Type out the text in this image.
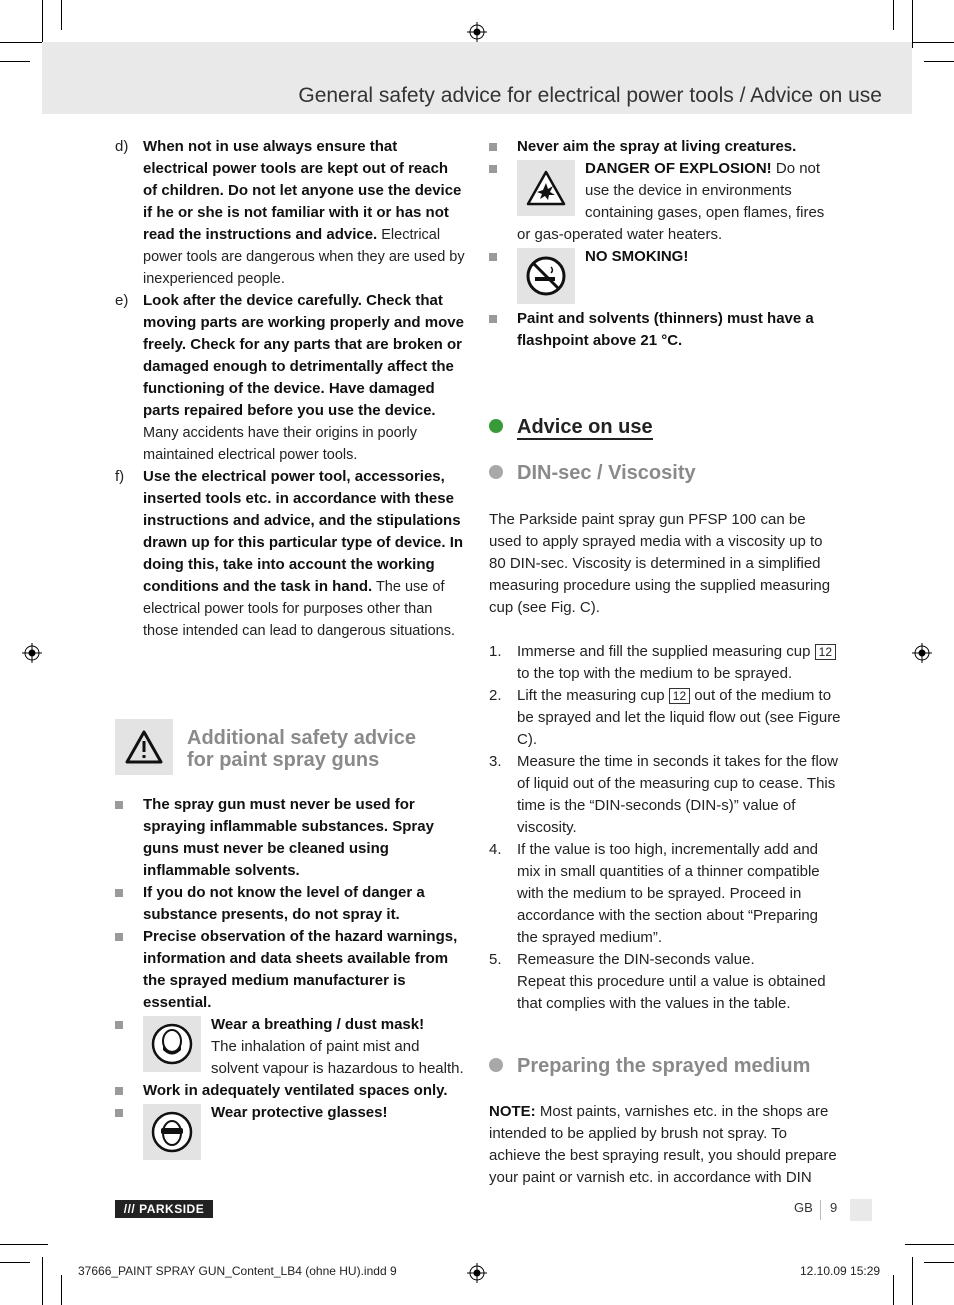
General safety advice for electrical power tools / Advice on use
d) When not in use always ensure that electrical power tools are kept out of reach of children. Do not let anyone use the device if he or she is not familiar with it or has not read the instructions and advice. Electrical power tools are dangerous when they are used by inexperienced people.
e) Look after the device carefully. Check that moving parts are working properly and move freely. Check for any parts that are broken or damaged enough to detrimentally affect the functioning of the device. Have damaged parts repaired before you use the device. Many accidents have their origins in poorly maintained electrical power tools.
f) Use the electrical power tool, accessories, inserted tools etc. in accordance with these instructions and advice, and the stipulations drawn up for this particular type of device. In doing this, take into account the working conditions and the task in hand. The use of electrical power tools for purposes other than those intended can lead to dangerous situations.
Additional safety advice
for paint spray guns
The spray gun must never be used for spraying inflammable substances. Spray guns must never be cleaned using inflammable solvents.
If you do not know the level of danger a substance presents, do not spray it.
Precise observation of the hazard warnings, information and data sheets available from the sprayed medium manufacturer is essential.
Wear a breathing / dust mask!
The inhalation of paint mist and solvent vapour is hazardous to health.
Work in adequately ventilated spaces only.
Wear protective glasses!
Never aim the spray at living creatures.
DANGER OF EXPLOSION! Do not use the device in environments containing gases, open flames, fires or gas-operated water heaters.
NO SMOKING!
Paint and solvents (thinners) must have a flashpoint above 21 °C.
Advice on use
DIN-sec / Viscosity
The Parkside paint spray gun PFSP 100 can be used to apply sprayed media with a viscosity up to 80 DIN-sec. Viscosity is determined in a simplified measuring procedure using the supplied measuring cup (see Fig. C).
1. Immerse and fill the supplied measuring cup 12 to the top with the medium to be sprayed.
2. Lift the measuring cup 12 out of the medium to be sprayed and let the liquid flow out (see Figure C).
3. Measure the time in seconds it takes for the flow of liquid out of the measuring cup to cease. This time is the “DIN-seconds (DIN-s)” value of viscosity.
4. If the value is too high, incrementally add and mix in small quantities of a thinner compatible with the medium to be sprayed. Proceed in accordance with the section about “Preparing the sprayed medium”.
5. Remeasure the DIN-seconds value.
Repeat this procedure until a value is obtained that complies with the values in the table.
Preparing the sprayed medium
NOTE: Most paints, varnishes etc. in the shops are intended to be applied by brush not spray. To achieve the best spraying result, you should prepare your paint or varnish etc. in accordance with DIN
/// PARKSIDE	GB 9
37666_PAINT SPRAY GUN_Content_LB4 (ohne HU).indd 9	12.10.09 15:29
